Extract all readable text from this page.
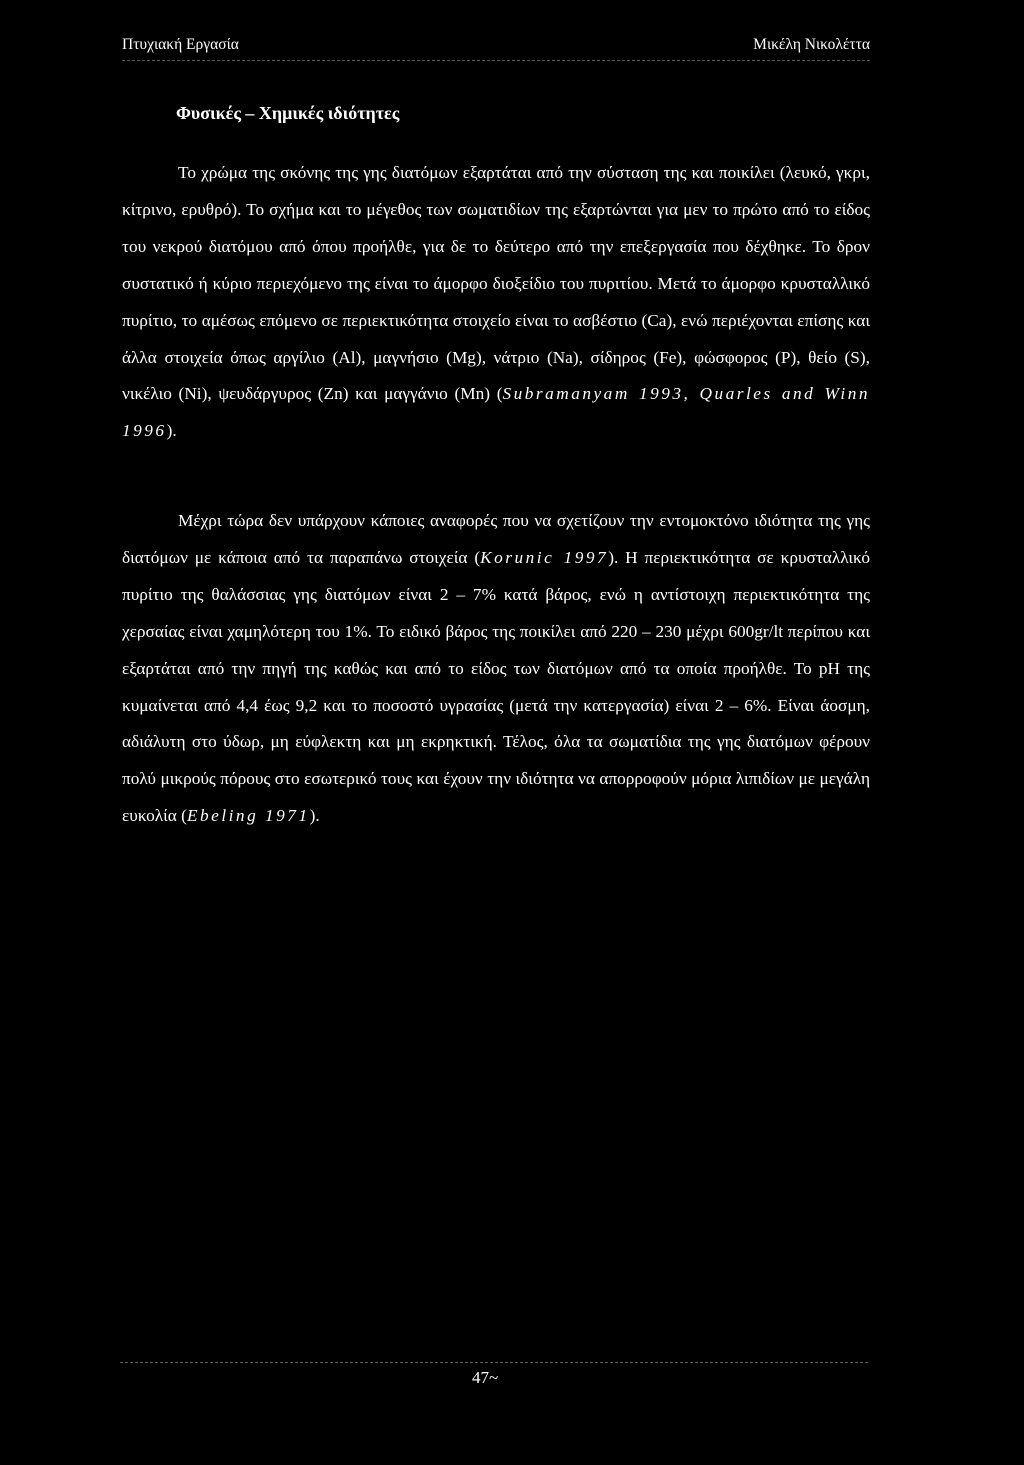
Πτυχιακή Εργασία	Μικέλη Νικολέττα
Φυσικές – Χημικές ιδιότητες

Το χρώμα της σκόνης της γης διατόμων εξαρτάται από την σύσταση της και ποικίλει (λευκό, γκρι, κίτρινο, ερυθρό). Το σχήμα και το μέγεθος των σωματιδίων της εξαρτώνται για μεν το πρώτο από το είδος του νεκρού διατόμου από όπου προήλθε, για δε το δεύτερο από την επεξεργασία που δέχθηκε. Το δρον συστατικό ή κύριο περιεχόμενο της είναι το άμορφο διοξείδιο του πυριτίου. Μετά το άμορφο κρυσταλλικό πυρίτιο, το αμέσως επόμενο σε περιεκτικότητα στοιχείο είναι το ασβέστιο (Ca), ενώ περιέχονται επίσης και άλλα στοιχεία όπως αργίλιο (Al), μαγνήσιο (Mg), νάτριο (Na), σίδηρος (Fe), φώσφορος (P), θείο (S), νικέλιο (Ni), ψευδάργυρος (Zn) και μαγγάνιο (Mn) (Subramanyam 1993, Quarles and Winn 1996).

Μέχρι τώρα δεν υπάρχουν κάποιες αναφορές που να σχετίζουν την εντομοκτόνο ιδιότητα της γης διατόμων με κάποια από τα παραπάνω στοιχεία (Korunic 1997). Η περιεκτικότητα σε κρυσταλλικό πυρίτιο της θαλάσσιας γης διατόμων είναι 2 – 7% κατά βάρος, ενώ η αντίστοιχη περιεκτικότητα της χερσαίας είναι χαμηλότερη του 1%. Το ειδικό βάρος της ποικίλει από 220 – 230 μέχρι 600gr/lt περίπου και εξαρτάται από την πηγή της καθώς και από το είδος των διατόμων από τα οποία προήλθε. Το pH της κυμαίνεται από 4,4 έως 9,2 και το ποσοστό υγρασίας (μετά την κατεργασία) είναι 2 – 6%. Είναι άοσμη, αδιάλυτη στο ύδωρ, μη εύφλεκτη και μη εκρηκτική. Τέλος, όλα τα σωματίδια της γης διατόμων φέρουν πολύ μικρούς πόρους στο εσωτερικό τους και έχουν την ιδιότητα να απορροφούν μόρια λιπιδίων με μεγάλη ευκολία (Ebeling 1971).

47~
